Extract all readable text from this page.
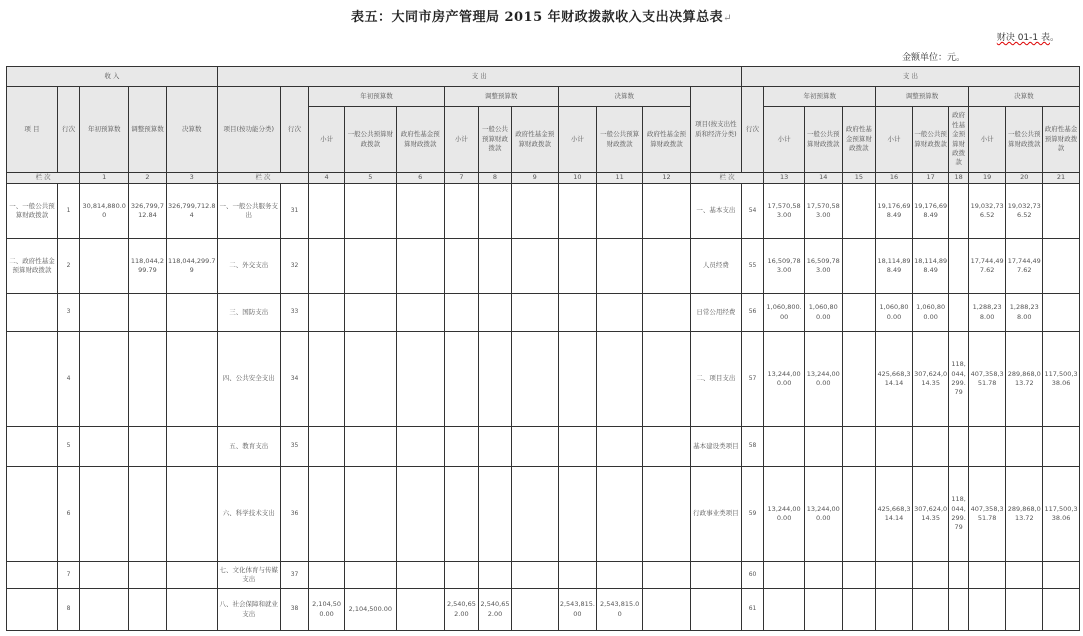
表五：大同市房产管理局 2015 年财政拨款收入支出决算总表↵
财决 01-1 表。
金额单位：元。
收 入					支 出												支 出									
项 目	行次	年初预算数	调整预算数	决算数	项目(按功能分类)	行次	年初预算数			调整预算数			决算数			项目(按支出性质和经济分类)	行次	年初预算数			调整预算数			决算数		
							小计	一般公共预算财政拨款	政府性基金预算财政拨款	小计	一般公共预算财政拨款	政府性基金预算财政拨款	小计	一般公共预算财政拨款	政府性基金预算财政拨款			小计	一般公共预算财政拨款	政府性基金预算财政拨款	小计	一般公共预算财政拨款	政府性基金预算财政拨款	小计	一般公共预算财政拨款	政府性基金预算财政拨款
栏 次		1	2	3	栏 次		4	5	6	7	8	9	10	11	12	栏 次		13	14	15	16	17	18	19	20	21
一、一般公共预算财政拨款	1	30,814,880.00	326,799,712.84	326,799,712.84	一、一般公共服务支出	31										一、基本支出	54	17,570,583.00	17,570,583.00		19,176,698.49	19,176,698.49		19,032,736.52	19,032,736.52	
二、政府性基金预算财政拨款	2		118,044,299.79	118,044,299.79	二、外交支出	32										人员经费	55	16,509,783.00	16,509,783.00		18,114,898.49	18,114,898.49		17,744,497.62	17,744,497.62	
	3				三、国防支出	33										日常公用经费	56	1,060,800.00	1,060,800.00		1,060,800.00	1,060,800.00		1,288,238.00	1,288,238.00	
	4				四、公共安全支出	34										二、项目支出	57	13,244,000.00	13,244,000.00		425,668,314.14	307,624,014.35	118,044,299.79	407,358,351.78	289,868,013.72	117,500,338.06
	5				五、教育支出	35										基本建设类项目	58									
	6				六、科学技术支出	36										行政事业类项目	59	13,244,000.00	13,244,000.00		425,668,314.14	307,624,014.35	118,044,299.79	407,358,351.78	289,868,013.72	117,500,338.06
	7				七、文化体育与传媒支出	37											60									
	8				八、社会保障和就业支出	38	2,104,500.00	2,104,500.00		2,540,652.00	2,540,652.00		2,543,815.00	2,543,815.00			61									
